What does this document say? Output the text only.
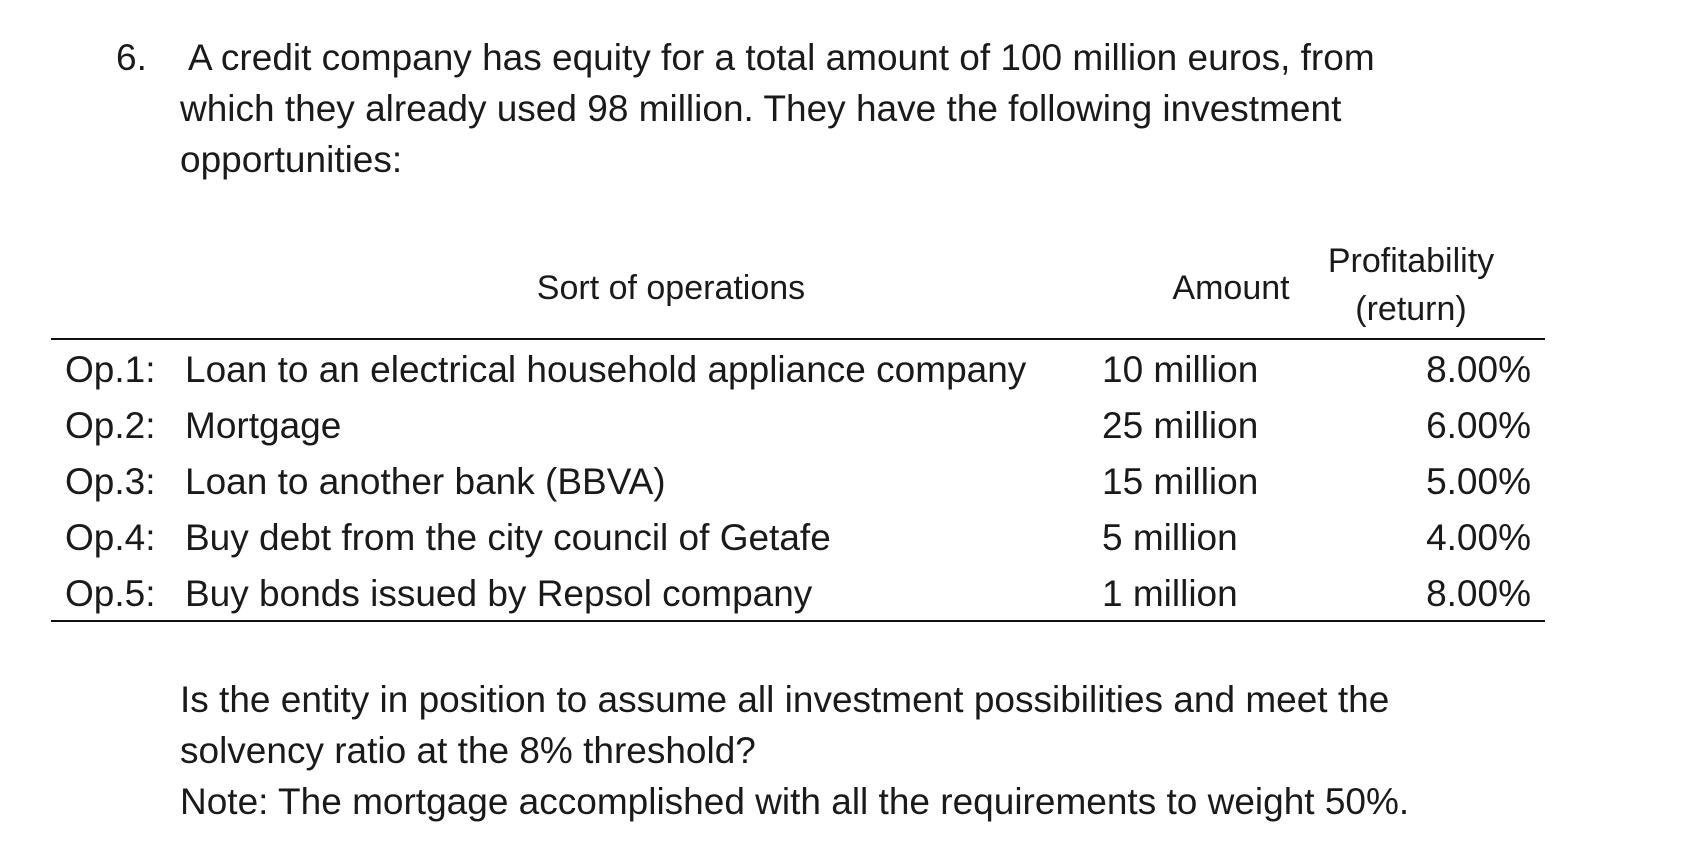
6. A credit company has equity for a total amount of 100 million euros, from
which they already used 98 million. They have the following investment
opportunities:
Sort of operations	Amount
Profitability
(return)
Op.1: Loan to an electrical household appliance company 10 million	8.00%
Op.2: Mortgage	25 million	6.00%
Op.3: Loan to another bank (BBVA)	15 million	5.00%
Op.4: Buy debt from the city council of Getafe	5 million	4.00%
Op.5: Buy bonds issued by Repsol company	1 million	8.00%
Is the entity in position to assume all investment possibilities and meet the
solvency ratio at the 8% threshold?
Note: The mortgage accomplished with all the requirements to weight 50%.
